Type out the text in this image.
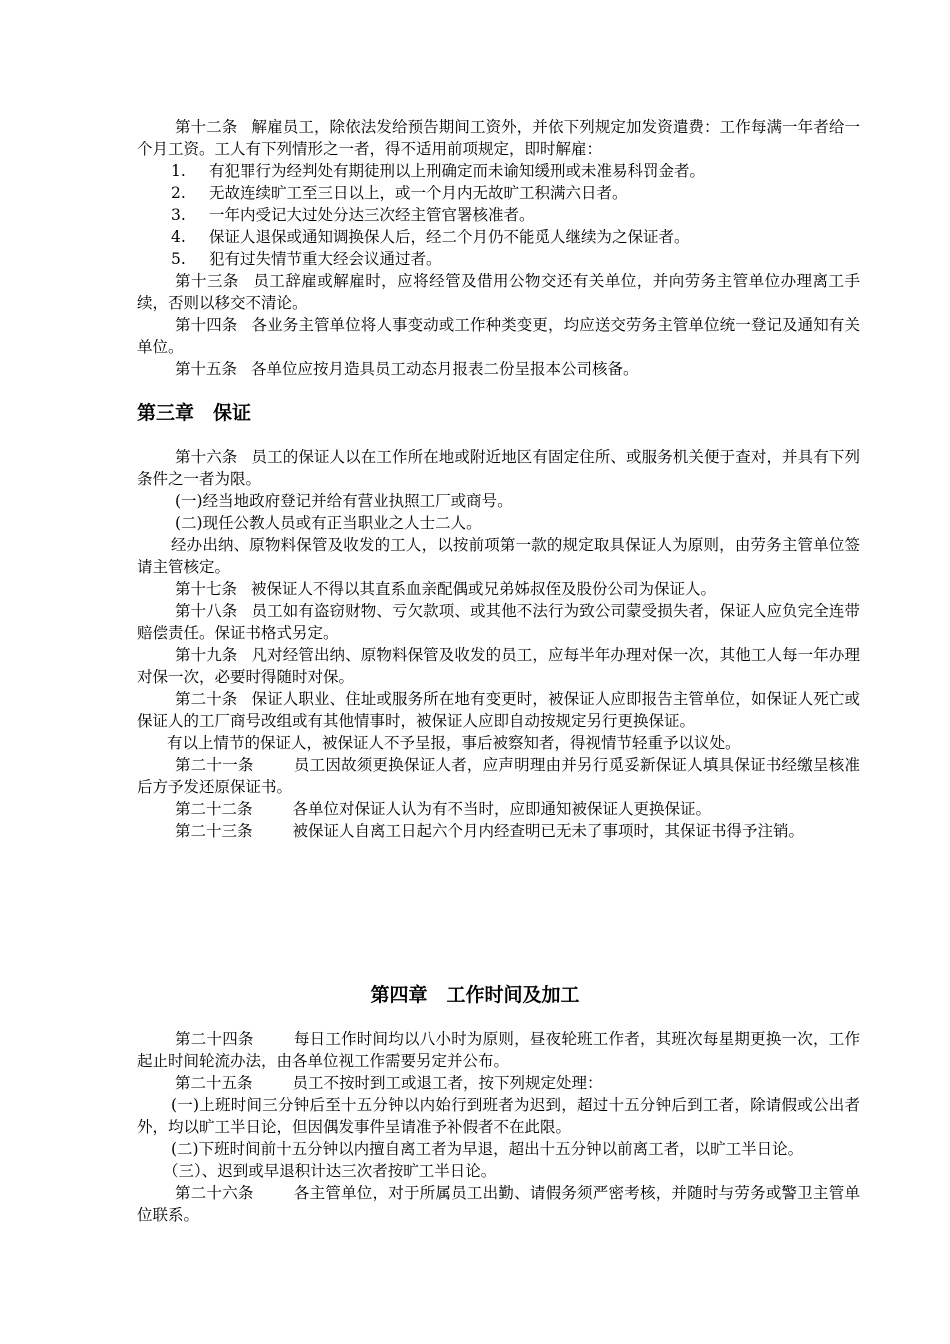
第十二条 解雇员工，除依法发给预告期间工资外，并依下列规定加发资遣费：工作每满一年者给一个月工资。工人有下列情形之一者，得不适用前项规定，即时解雇：

1. 有犯罪行为经判处有期徒刑以上刑确定而未谕知缓刑或未准易科罚金者。

2. 无故连续旷工至三日以上，或一个月内无故旷工积满六日者。

3. 一年内受记大过处分达三次经主管官署核准者。

4. 保证人退保或通知调换保人后，经二个月仍不能觅人继续为之保证者。

5. 犯有过失情节重大经会议通过者。

第十三条 员工辞雇或解雇时，应将经管及借用公物交还有关单位，并向劳务主管单位办理离工手续，否则以移交不清论。

第十四条 各业务主管单位将人事变动或工作种类变更，均应送交劳务主管单位统一登记及通知有关单位。

第十五条 各单位应按月造具员工动态月报表二份呈报本公司核备。

第三章　保证

第十六条 员工的保证人以在工作所在地或附近地区有固定住所、或服务机关便于查对，并具有下列条件之一者为限。

(一)经当地政府登记并给有营业执照工厂或商号。

(二)现任公教人员或有正当职业之人士二人。

经办出纳、原物料保管及收发的工人，以按前项第一款的规定取具保证人为原则，由劳务主管单位签请主管核定。

第十七条 被保证人不得以其直系血亲配偶或兄弟姊叔侄及股份公司为保证人。

第十八条 员工如有盗窃财物、亏欠款项、或其他不法行为致公司蒙受损失者，保证人应负完全连带赔偿责任。保证书格式另定。

第十九条 凡对经管出纳、原物料保管及收发的员工，应每半年办理对保一次，其他工人每一年办理对保一次，必要时得随时对保。

第二十条 保证人职业、住址或服务所在地有变更时，被保证人应即报告主管单位，如保证人死亡或保证人的工厂商号改组或有其他情事时，被保证人应即自动按规定另行更换保证。

有以上情节的保证人，被保证人不予呈报，事后被察知者，得视情节轻重予以议处。

第二十一条	员工因故须更换保证人者，应声明理由并另行觅妥新保证人填具保证书经缴呈核准后方予发还原保证书。

第二十二条	各单位对保证人认为有不当时，应即通知被保证人更换保证。

第二十三条	被保证人自离工日起六个月内经查明已无未了事项时，其保证书得予注销。

第四章　工作时间及加工

第二十四条	每日工作时间均以八小时为原则，昼夜轮班工作者，其班次每星期更换一次，工作起止时间轮流办法，由各单位视工作需要另定并公布。

第二十五条	员工不按时到工或退工者，按下列规定处理：

(一)上班时间三分钟后至十五分钟以内始行到班者为迟到，超过十五分钟后到工者，除请假或公出者外，均以旷工半日论，但因偶发事件呈请准予补假者不在此限。

(二)下班时间前十五分钟以内擅自离工者为早退，超出十五分钟以前离工者，以旷工半日论。

（三）、迟到或早退积计达三次者按旷工半日论。

第二十六条	各主管单位，对于所属员工出勤、请假务须严密考核，并随时与劳务或警卫主管单位联系。
